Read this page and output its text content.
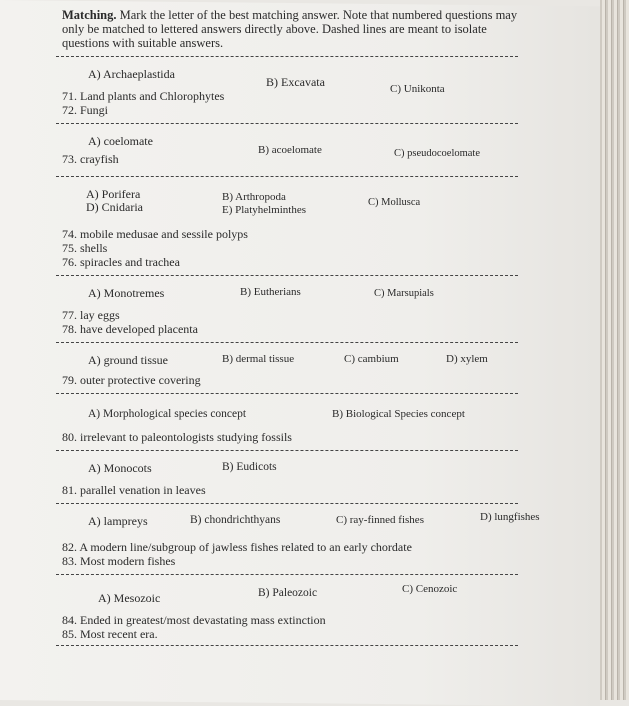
Matching. Mark the letter of the best matching answer. Note that numbered questions may only be matched to lettered answers directly above. Dashed lines are meant to isolate questions with suitable answers.

A) Archaeplastida
B) Excavata	C) Unikonta

71. Land plants and Chlorophytes

72. Fungi

A) coelomate
B) acoelomate	C) pseudocoelomate

73. crayfish

A) Porifera	B) Arthropoda	C) Mollusca
D) Cnidaria	E) Platyhelminthes

74. mobile medusae and sessile polyps

75. shells

76. spiracles and trachea

A) Monotremes	B) Eutherians	C) Marsupials

77. lay eggs

78. have developed placenta

A) ground tissue	B) dermal tissue	C) cambium	D) xylem

79. outer protective covering

A) Morphological species concept	B) Biological Species concept

80. irrelevant to paleontologists studying fossils

A) Monocots	B) Eudicots

81. parallel venation in leaves

A) lampreys	B) chondrichthyans	C) ray-finned fishes	D) lungfishes

82. A modern line/subgroup of jawless fishes related to an early chordate

83. Most modern fishes

A) Mesozoic	B) Paleozoic	C) Cenozoic

84. Ended in greatest/most devastating mass extinction

85. Most recent era.
